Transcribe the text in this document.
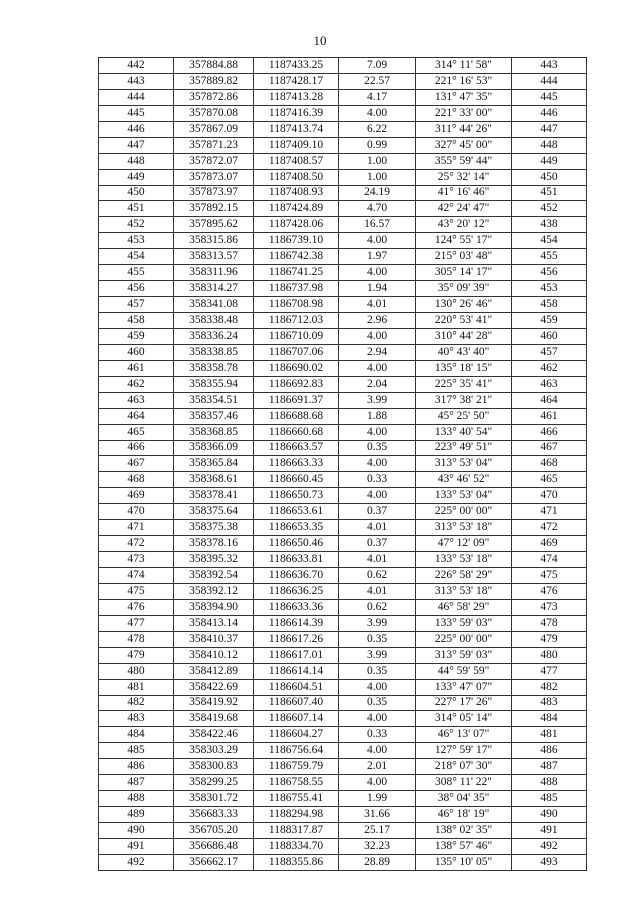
10
442	357884.88	1187433.25	7.09	314° 11' 58"	443
443	357889.82	1187428.17	22.57	221° 16' 53"	444
444	357872.86	1187413.28	4.17	131° 47' 35"	445
445	357870.08	1187416.39	4.00	221° 33' 00"	446
446	357867.09	1187413.74	6.22	311° 44' 26"	447
447	357871.23	1187409.10	0.99	327° 45' 00"	448
448	357872.07	1187408.57	1.00	355° 59' 44"	449
449	357873.07	1187408.50	1.00	25° 32' 14"	450
450	357873.97	1187408.93	24.19	41° 16' 46"	451
451	357892.15	1187424.89	4.70	42° 24' 47"	452
452	357895.62	1187428.06	16.57	43° 20' 12"	438
453	358315.86	1186739.10	4.00	124° 55' 17"	454
454	358313.57	1186742.38	1.97	215° 03' 48"	455
455	358311.96	1186741.25	4.00	305° 14' 17"	456
456	358314.27	1186737.98	1.94	35° 09' 39"	453
457	358341.08	1186708.98	4.01	130° 26' 46"	458
458	358338.48	1186712.03	2.96	220° 53' 41"	459
459	358336.24	1186710.09	4.00	310° 44' 28"	460
460	358338.85	1186707.06	2.94	40° 43' 40"	457
461	358358.78	1186690.02	4.00	135° 18' 15"	462
462	358355.94	1186692.83	2.04	225° 35' 41"	463
463	358354.51	1186691.37	3.99	317° 38' 21"	464
464	358357.46	1186688.68	1.88	45° 25' 50"	461
465	358368.85	1186660.68	4.00	133° 40' 54"	466
466	358366.09	1186663.57	0.35	223° 49' 51"	467
467	358365.84	1186663.33	4.00	313° 53' 04"	468
468	358368.61	1186660.45	0.33	43° 46' 52"	465
469	358378.41	1186650.73	4.00	133° 53' 04"	470
470	358375.64	1186653.61	0.37	225° 00' 00"	471
471	358375.38	1186653.35	4.01	313° 53' 18"	472
472	358378.16	1186650.46	0.37	47° 12' 09"	469
473	358395.32	1186633.81	4.01	133° 53' 18"	474
474	358392.54	1186636.70	0.62	226° 58' 29"	475
475	358392.12	1186636.25	4.01	313° 53' 18"	476
476	358394.90	1186633.36	0.62	46° 58' 29"	473
477	358413.14	1186614.39	3.99	133° 59' 03"	478
478	358410.37	1186617.26	0.35	225° 00' 00"	479
479	358410.12	1186617.01	3.99	313° 59' 03"	480
480	358412.89	1186614.14	0.35	44° 59' 59"	477
481	358422.69	1186604.51	4.00	133° 47' 07"	482
482	358419.92	1186607.40	0.35	227° 17' 26"	483
483	358419.68	1186607.14	4.00	314° 05' 14"	484
484	358422.46	1186604.27	0.33	46° 13' 07"	481
485	358303.29	1186756.64	4.00	127° 59' 17"	486
486	358300.83	1186759.79	2.01	218° 07' 30"	487
487	358299.25	1186758.55	4.00	308° 11' 22"	488
488	358301.72	1186755.41	1.99	38° 04' 35"	485
489	356683.33	1188294.98	31.66	46° 18' 19"	490
490	356705.20	1188317.87	25.17	138° 02' 35"	491
491	356686.48	1188334.70	32.23	138° 57' 46"	492
492	356662.17	1188355.86	28.89	135° 10' 05"	493
